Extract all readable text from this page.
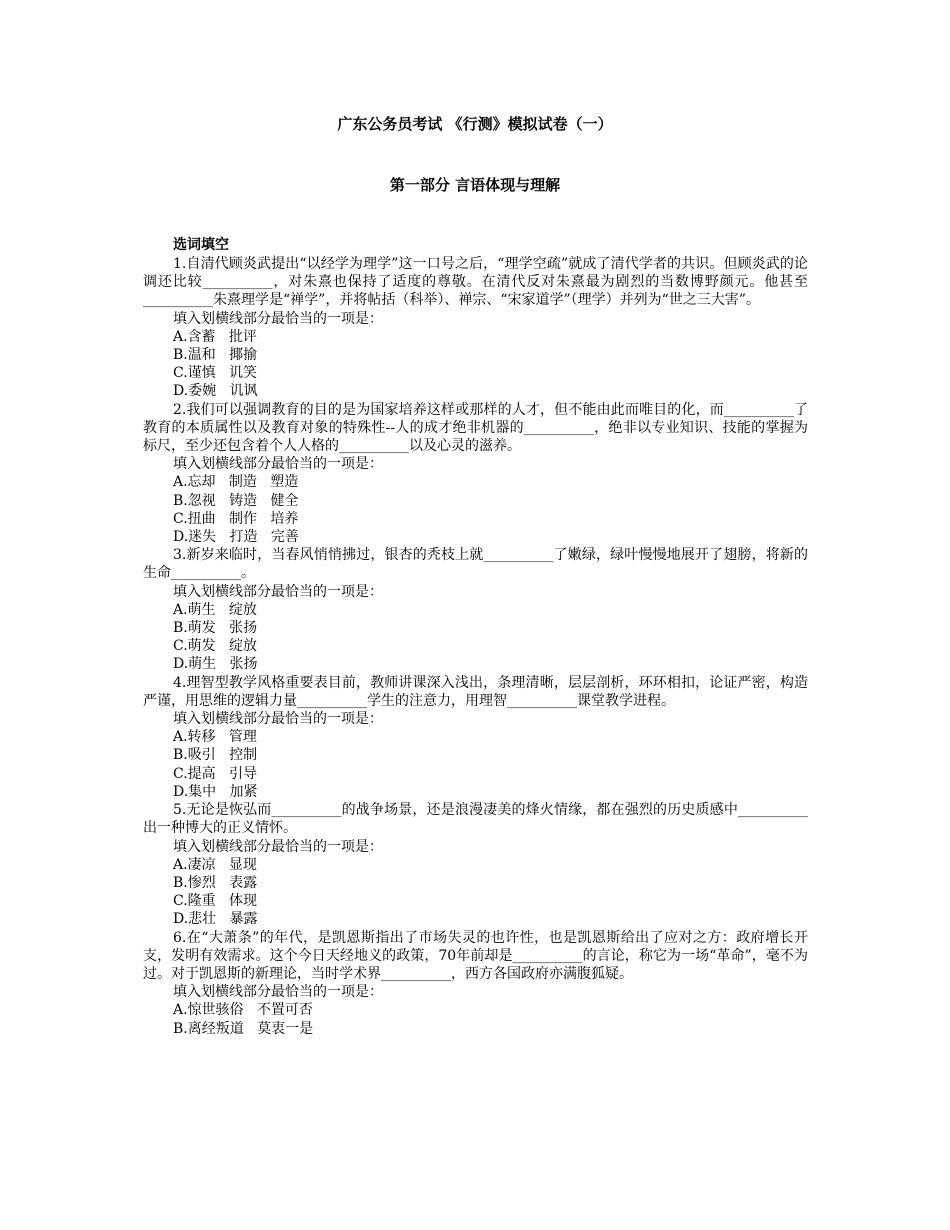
广东公务员考试 《行测》模拟试卷（一）
第一部分 言语体现与理解
选词填空

1.自清代顾炎武提出“以经学为理学”这一口号之后，“理学空疏”就成了清代学者的共识。但顾炎武的论调还比较__________，对朱熹也保持了适度的尊敬。在清代反对朱熹最为剧烈的当数博野颜元。他甚至__________朱熹理学是“禅学”，并将帖括（科举）、禅宗、“宋家道学”（理学）并列为“世之三大害”。

填入划横线部分最恰当的一项是：

A.含蓄   批评

B.温和   揶揄

C.谨慎   讥笑

D.委婉   讥讽

2.我们可以强调教育的目的是为国家培养这样或那样的人才，但不能由此而唯目的化，而__________了教育的本质属性以及教育对象的特殊性--人的成才绝非机器的__________，绝非以专业知识、技能的掌握为标尺，至少还包含着个人人格的__________以及心灵的滋养。

填入划横线部分最恰当的一项是：

A.忘却   制造   塑造

B.忽视   铸造   健全

C.扭曲   制作   培养

D.迷失   打造   完善

3.新岁来临时，当春风悄悄拂过，银杏的秃枝上就__________了嫩绿，绿叶慢慢地展开了翅膀，将新的生命__________。

填入划横线部分最恰当的一项是：

A.萌生   绽放

B.萌发   张扬

C.萌发   绽放

D.萌生   张扬

4.理智型教学风格重要表目前，教师讲课深入浅出，条理清晰，层层剖析，环环相扣，论证严密，构造严谨，用思维的逻辑力量__________学生的注意力，用理智__________课堂教学进程。

填入划横线部分最恰当的一项是：

A.转移   管理

B.吸引   控制

C.提高   引导

D.集中   加紧

5.无论是恢弘而__________的战争场景，还是浪漫凄美的烽火情缘，都在强烈的历史质感中__________出一种博大的正义情怀。

填入划横线部分最恰当的一项是：

A.凄凉   显现

B.惨烈   表露

C.隆重   体现

D.悲壮   暴露

6.在“大萧条”的年代，是凯恩斯指出了市场失灵的也许性，也是凯恩斯给出了应对之方：政府增长开支，发明有效需求。这个今日天经地义的政策，70年前却是__________的言论，称它为一场“革命”，毫不为过。对于凯恩斯的新理论，当时学术界__________，西方各国政府亦满腹狐疑。

填入划横线部分最恰当的一项是：

A.惊世骇俗   不置可否

B.离经叛道   莫衷一是
